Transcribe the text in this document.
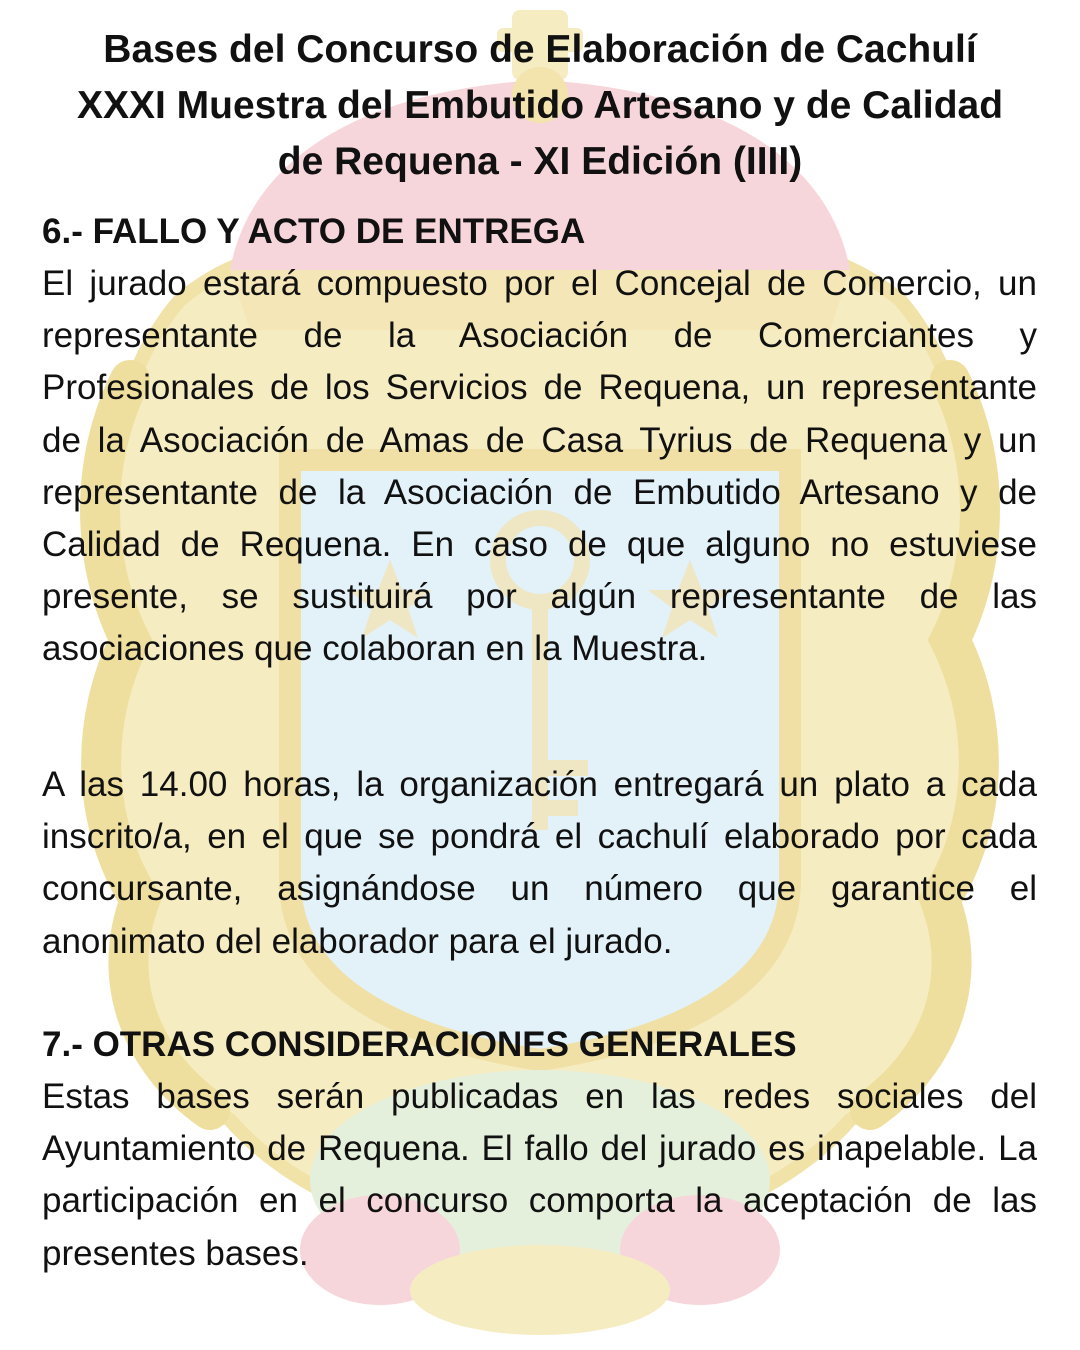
Bases del Concurso de Elaboración de Cachulí
XXXI Muestra del Embutido Artesano y de Calidad
de Requena - XI Edición (IIII)
6.- FALLO Y ACTO DE ENTREGA

El jurado estará compuesto por el Concejal de Comercio, un representante de la Asociación de Comerciantes y Profesionales de los Servicios de Requena, un representante de la Asociación de Amas de Casa Tyrius de Requena y un representante de la Asociación de Embutido Artesano y de Calidad de Requena. En caso de que alguno no estuviese presente, se sustituirá por algún representante de las asociaciones que colaboran en la Muestra.

A las 14.00 horas, la organización entregará un plato a cada inscrito/a, en el que se pondrá el cachulí elaborado por cada concursante, asignándose un número que garantice el anonimato del elaborador para el jurado.

7.- OTRAS CONSIDERACIONES GENERALES

Estas bases serán publicadas en las redes sociales del Ayuntamiento de Requena. El fallo del jurado es inapelable. La participación en el concurso comporta la aceptación de las presentes bases.
